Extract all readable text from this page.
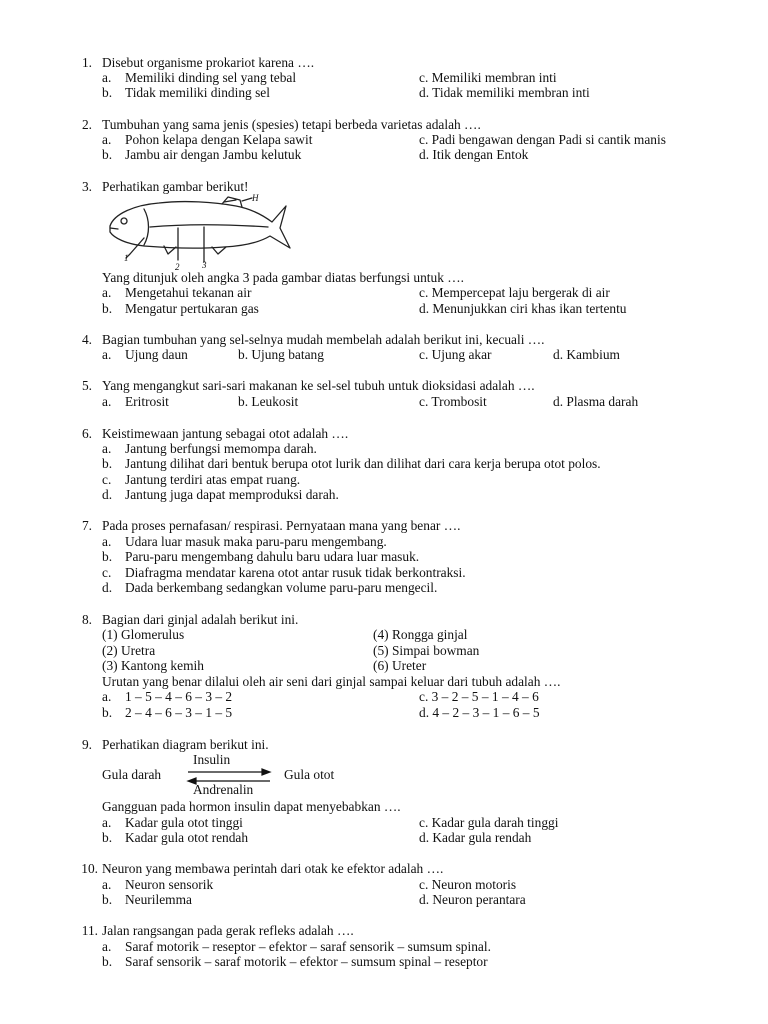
1. Disebut organisme prokariot karena ….
a. Memiliki dinding sel yang tebal	c. Memiliki membran inti
b. Tidak memiliki dinding sel	d. Tidak memiliki membran inti
2. Tumbuhan yang sama jenis (spesies) tetapi berbeda varietas adalah ….
a. Pohon kelapa dengan Kelapa sawit	c. Padi bengawan dengan Padi si cantik manis
b. Jambu air dengan Jambu kelutuk	d. Itik dengan Entok
3. Perhatikan gambar berikut!
H
1
2	3
Yang ditunjuk oleh angka 3 pada gambar diatas berfungsi untuk ….
a. Mengetahui tekanan air	c. Mempercepat laju bergerak di air
b. Mengatur pertukaran gas	d. Menunjukkan ciri khas ikan tertentu
4. Bagian tumbuhan yang sel-selnya mudah membelah adalah berikut ini, kecuali ….
a. Ujung daun	b. Ujung batang	c. Ujung akar	d. Kambium
5. Yang mengangkut sari-sari makanan ke sel-sel tubuh untuk dioksidasi adalah ….
a. Eritrosit	b. Leukosit	c. Trombosit	d. Plasma darah
6. Keistimewaan jantung sebagai otot adalah ….
a. Jantung berfungsi memompa darah.
b. Jantung dilihat dari bentuk berupa otot lurik dan dilihat dari cara kerja berupa otot polos.
c. Jantung terdiri atas empat ruang.
d. Jantung juga dapat memproduksi darah.
7. Pada proses pernafasan/ respirasi. Pernyataan mana yang benar ….
a. Udara luar masuk maka paru-paru mengembang.
b. Paru-paru mengembang dahulu baru udara luar masuk.
c. Diafragma mendatar karena otot antar rusuk tidak berkontraksi.
d. Dada berkembang sedangkan volume paru-paru mengecil.
8. Bagian dari ginjal adalah berikut ini.
(1) Glomerulus	(4) Rongga ginjal
(2) Uretra	(5) Simpai bowman
(3) Kantong kemih	(6) Ureter
Urutan yang benar dilalui oleh air seni dari ginjal sampai keluar dari tubuh adalah ….
a. 1 – 5 – 4 – 6 – 3 – 2	c. 3 – 2 – 5 – 1 – 4 – 6
b. 2 – 4 – 6 – 3 – 1 – 5	d. 4 – 2 – 3 – 1 – 6 – 5
9. Perhatikan diagram berikut ini.
Insulin
Gula darah	Gula otot
Andrenalin
Gangguan pada hormon insulin dapat menyebabkan ….
a. Kadar gula otot tinggi	c. Kadar gula darah tinggi
b. Kadar gula otot rendah	d. Kadar gula rendah
10. Neuron yang membawa perintah dari otak ke efektor adalah ….
a. Neuron sensorik	c. Neuron motoris
b. Neurilemma	d. Neuron perantara
11. Jalan rangsangan pada gerak refleks adalah ….
a. Saraf motorik – reseptor – efektor – saraf sensorik – sumsum spinal.
b. Saraf sensorik – saraf motorik – efektor – sumsum spinal – reseptor
